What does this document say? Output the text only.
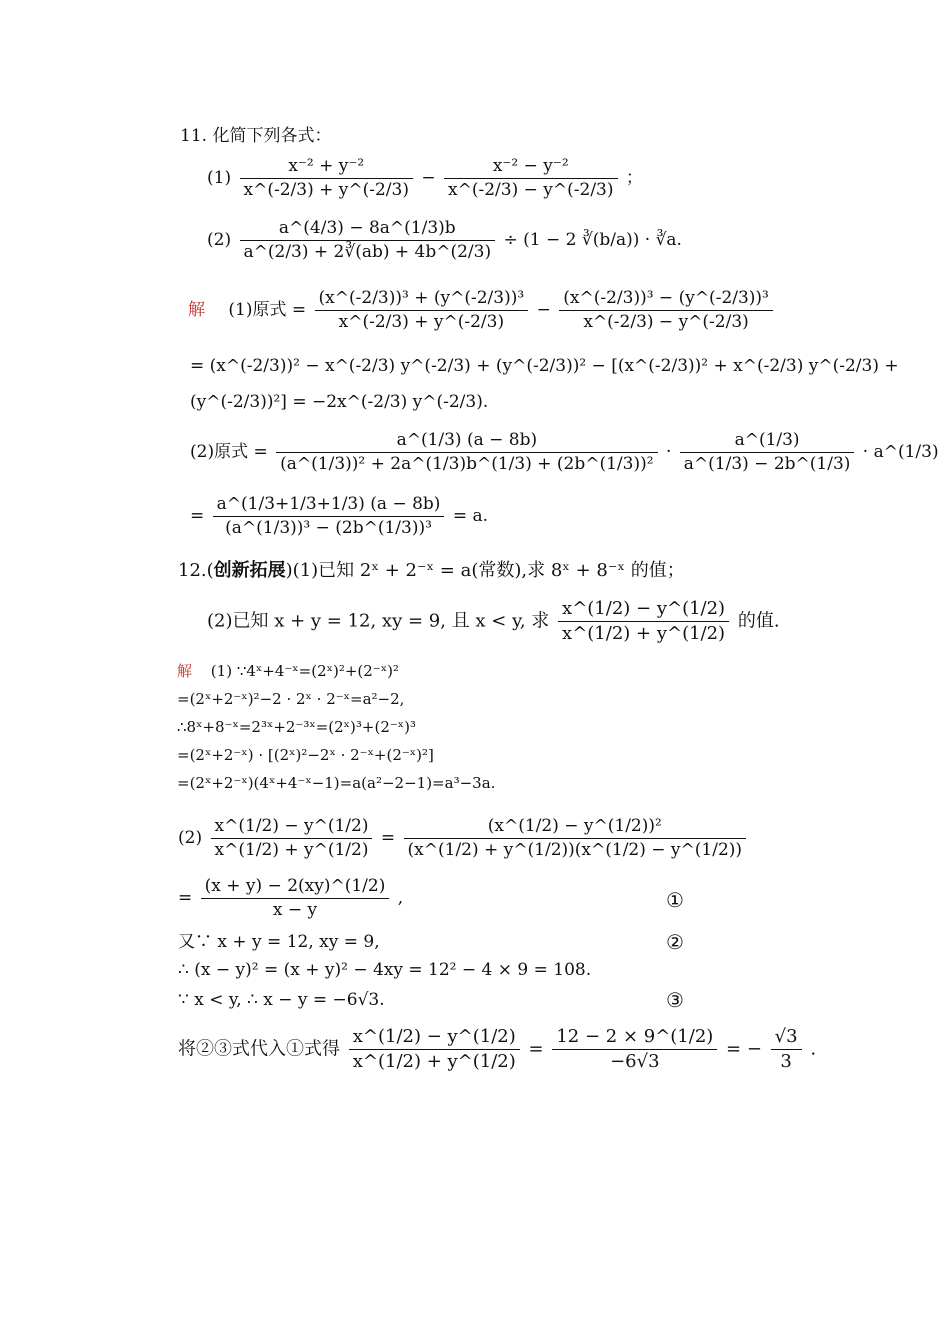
11. 化简下列各式：
$(1) \frac{\text{x⁻² + y⁻²}}{x\^{}(-2/3) + y\^{}(-2/3)} - \frac{\text{x⁻² − y⁻²}}{x\^{}(-2/3) - y\^{}(-2/3)}$ ；
$(2) \frac{a\^{}(4/3) - 8a\^{}(1/3)b}{a\^{}(2/3) + 2∛(ab) + 4b\^{}(2/3)} \div (1 - 2$ ∛(b/a)) · ∛a.
解 (1)原式 = $\frac{\text{(x\textasciicircum{}(-2/3))³ + (y\textasciicircum{}(-2/3))³}}{x\^{}(-2/3) + y\^{}(-2/3)} - \frac{\text{(x\textasciicircum{}(-2/3))³ − (y\textasciicircum{}(-2/3))³}}{x\^{}(-2/3) - y\^{}(-2/3)}$
= (x^(-2/3))² − x^(-2/3) y^(-2/3) + (y^(-2/3))² − [(x^(-2/3))² + x^(-2/3) y^(-2/3) +
(y^(-2/3))²] = −2x^(-2/3) y^(-2/3).
(2)原式 = $\frac{a\^{}(1/3) (a - 8b)}{\text{(a\textasciicircum{}(1/3))² + 2a\textasciicircum{}(1/3)b\textasciicircum{}(1/3) + (2b\textasciicircum{}(1/3))²}} \cdot \frac{a\^{}(1/3)}{a\^{}(1/3) - 2b\^{}(1/3)}$ · a^(1/3)
= $\frac{a\^{}(1/3+1/3+1/3) (a - 8b)}{\text{(a\textasciicircum{}(1/3))³ − (2b\textasciicircum{}(1/3))³}} = a$.
12.(创新拓展)(1)已知 2ˣ + 2⁻ˣ = a(常数),求 8ˣ + 8⁻ˣ 的值；
(2)已知 x + y = 12, xy = 9, 且 x < y, 求 $\frac{x\^{}(1/2) - y\^{}(1/2)}{x\^{}(1/2) + y\^{}(1/2)}$ 的值.
解 (1) ∵4ˣ+4⁻ˣ=(2ˣ)²+(2⁻ˣ)²
=(2ˣ+2⁻ˣ)²−2 · 2ˣ · 2⁻ˣ=a²−2,
∴8ˣ+8⁻ˣ=2³ˣ+2⁻³ˣ=(2ˣ)³+(2⁻ˣ)³
=(2ˣ+2⁻ˣ) · [(2ˣ)²−2ˣ · 2⁻ˣ+(2⁻ˣ)²]
=(2ˣ+2⁻ˣ)(4ˣ+4⁻ˣ−1)=a(a²−2−1)=a³−3a.
$(2) \frac{x\^{}(1/2) - y\^{}(1/2)}{x\^{}(1/2) + y\^{}(1/2)} = \frac{\text{(x\textasciicircum{}(1/2) − y\textasciicircum{}(1/2))²}}{(x\^{}(1/2) + y\^{}(1/2))(x\^{}(1/2) - y\^{}(1/2))}$
= $\frac{(x + y) - 2(xy)\^{}(1/2)}{x - y}$ ,	①
又∵ x + y = 12, xy = 9,	②
∴ (x − y)² = (x + y)² − 4xy = 12² − 4 × 9 = 108.
∵ x < y, ∴ x − y = −6√3.	③
将②③式代入①式得 $\frac{x\^{}(1/2) - y\^{}(1/2)}{x\^{}(1/2) + y\^{}(1/2)} = \frac{12 - 2 \times 9\^{}(1/2)}{-6√3}$ = − $\frac{√3}{3}$ .
